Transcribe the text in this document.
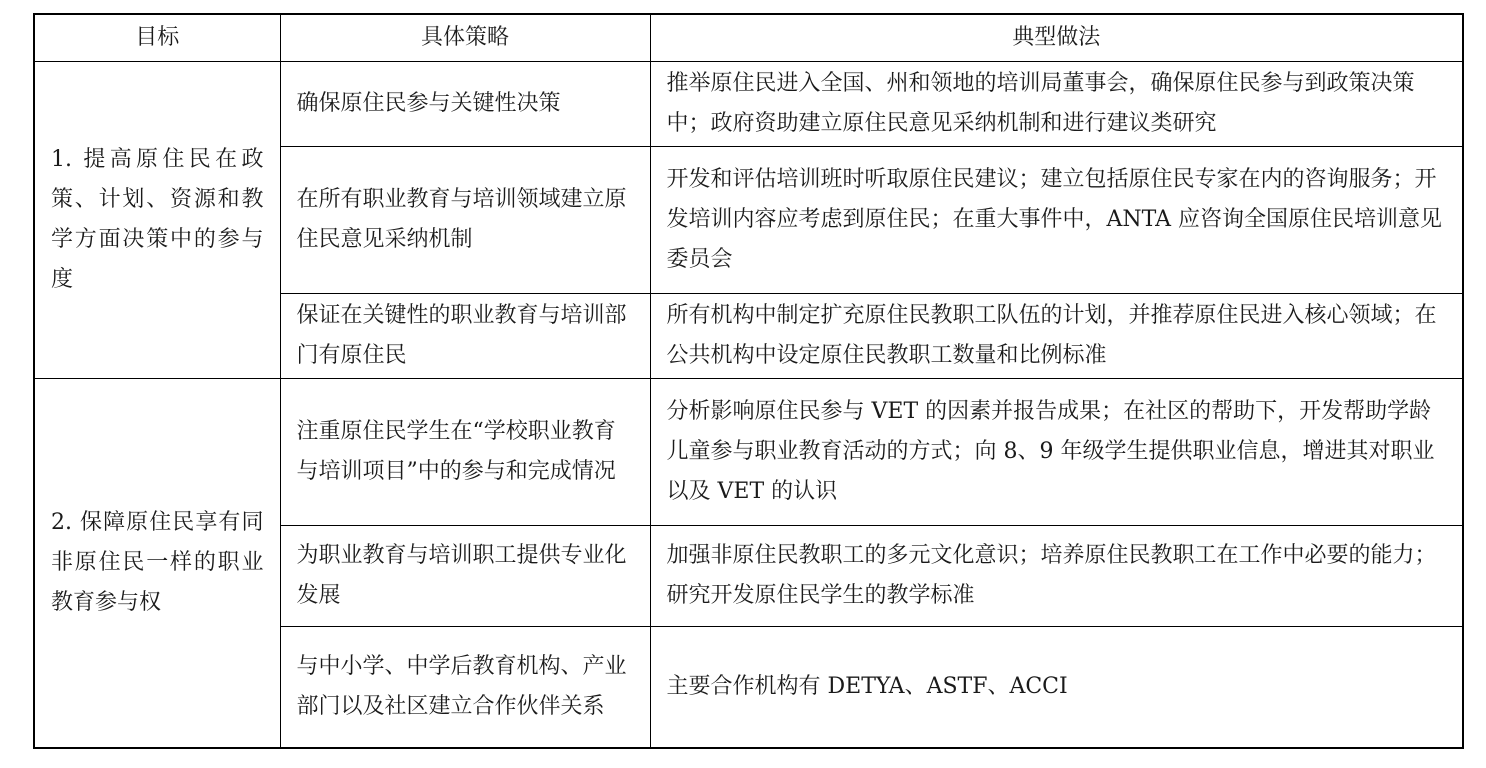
目标	具体策略	典型做法
1. 提高原住民在政策、计划、资源和教学方面决策中的参与度	确保原住民参与关键性决策	推举原住民进入全国、州和领地的培训局董事会，确保原住民参与到政策决策中；政府资助建立原住民意见采纳机制和进行建议类研究
	在所有职业教育与培训领域建立原住民意见采纳机制	开发和评估培训班时听取原住民建议；建立包括原住民专家在内的咨询服务；开发培训内容应考虑到原住民；在重大事件中，ANTA 应咨询全国原住民培训意见委员会
	保证在关键性的职业教育与培训部门有原住民	所有机构中制定扩充原住民教职工队伍的计划，并推荐原住民进入核心领域；在公共机构中设定原住民教职工数量和比例标准
2. 保障原住民享有同非原住民一样的职业教育参与权	注重原住民学生在“学校职业教育与培训项目”中的参与和完成情况	分析影响原住民参与 VET 的因素并报告成果；在社区的帮助下，开发帮助学龄儿童参与职业教育活动的方式；向 8、9 年级学生提供职业信息，增进其对职业以及 VET 的认识
	为职业教育与培训职工提供专业化发展	加强非原住民教职工的多元文化意识；培养原住民教职工在工作中必要的能力；研究开发原住民学生的教学标准
	与中小学、中学后教育机构、产业部门以及社区建立合作伙伴关系	主要合作机构有 DETYA、ASTF、ACCI
